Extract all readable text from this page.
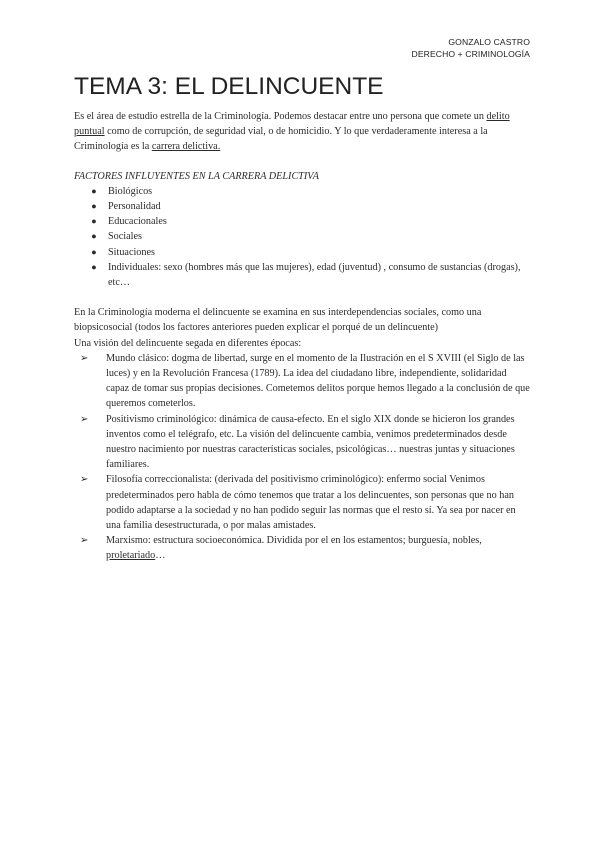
GONZALO CASTRO
DERECHO + CRIMINOLOGÍA
TEMA 3: EL DELINCUENTE

Es el área de estudio estrella de la Criminología. Podemos destacar entre uno persona que comete un delito puntual como de corrupción, de seguridad vial, o de homicidio. Y lo que verdaderamente interesa a la Criminología es la carrera delictiva.

FACTORES INFLUYENTES EN LA CARRERA DELICTIVA

● Biológicos
● Personalidad
● Educacionales
● Sociales
● Situaciones
● Individuales: sexo (hombres más que las mujeres), edad (juventud) , consumo de sustancias (drogas), etc…

En la Criminología moderna el delincuente se examina en sus interdependencias sociales, como una biopsicosocial (todos los factores anteriores pueden explicar el porqué de un delincuente)

Una visión del delincuente segada en diferentes épocas:

➢	Mundo clásico: dogma de libertad, surge en el momento de la Ilustración en el S XVIII (el Siglo de las luces) y en la Revolución Francesa (1789). La idea del ciudadano libre, independiente, solidaridad capaz de tomar sus propias decisiones. Cometemos delitos porque hemos llegado a la conclusión de que queremos cometerlos.
➢	Positivismo criminológico: dinámica de causa-efecto. En el siglo XIX donde se hicieron los grandes inventos como el telégrafo, etc. La visión del delincuente cambia, venimos predeterminados desde nuestro nacimiento por nuestras características sociales, psicológicas… nuestras juntas y situaciones familiares.
➢	Filosofía correccionalista: (derivada del positivismo criminológico): enfermo social Venimos predeterminados pero habla de cómo tenemos que tratar a los delincuentes, son personas que no han podido adaptarse a la sociedad y no han podido seguir las normas que el resto sí. Ya sea por nacer en una familia desestructurada, o por malas amistades.
➢	Marxismo: estructura socioeconómica. Dividida por el en los estamentos; burguesía, nobles, proletariado…
